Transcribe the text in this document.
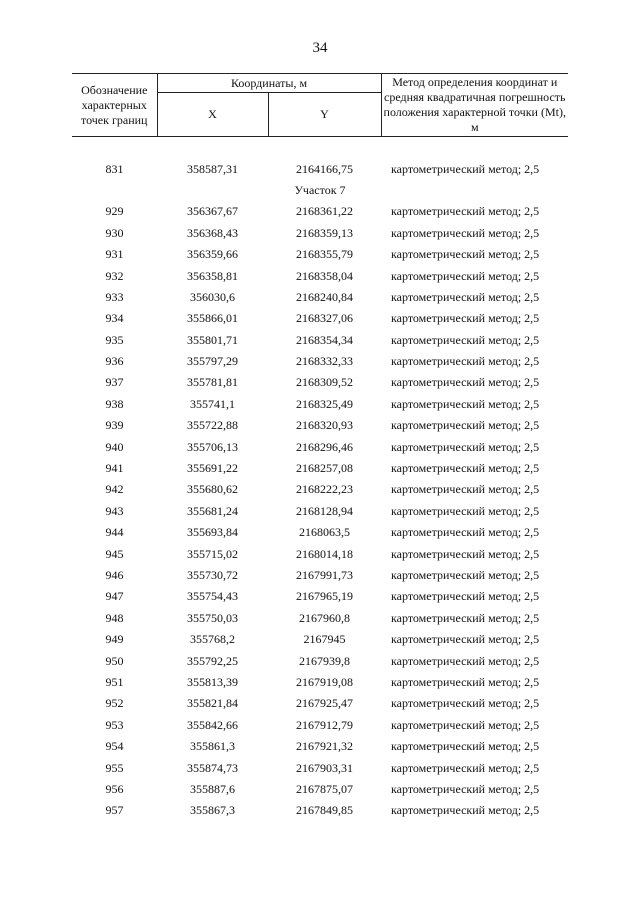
34
Обозначение характерных точек границ	Координаты, м		Метод определения координат и средняя квадратичная погрешность положения характерной точки (Mt), м
	X	Y	

831	358587,31	2164166,75	картометрический метод; 2,5
Участок 7			
929	356367,67	2168361,22	картометрический метод; 2,5
930	356368,43	2168359,13	картометрический метод; 2,5
931	356359,66	2168355,79	картометрический метод; 2,5
932	356358,81	2168358,04	картометрический метод; 2,5
933	356030,6	2168240,84	картометрический метод; 2,5
934	355866,01	2168327,06	картометрический метод; 2,5
935	355801,71	2168354,34	картометрический метод; 2,5
936	355797,29	2168332,33	картометрический метод; 2,5
937	355781,81	2168309,52	картометрический метод; 2,5
938	355741,1	2168325,49	картометрический метод; 2,5
939	355722,88	2168320,93	картометрический метод; 2,5
940	355706,13	2168296,46	картометрический метод; 2,5
941	355691,22	2168257,08	картометрический метод; 2,5
942	355680,62	2168222,23	картометрический метод; 2,5
943	355681,24	2168128,94	картометрический метод; 2,5
944	355693,84	2168063,5	картометрический метод; 2,5
945	355715,02	2168014,18	картометрический метод; 2,5
946	355730,72	2167991,73	картометрический метод; 2,5
947	355754,43	2167965,19	картометрический метод; 2,5
948	355750,03	2167960,8	картометрический метод; 2,5
949	355768,2	2167945	картометрический метод; 2,5
950	355792,25	2167939,8	картометрический метод; 2,5
951	355813,39	2167919,08	картометрический метод; 2,5
952	355821,84	2167925,47	картометрический метод; 2,5
953	355842,66	2167912,79	картометрический метод; 2,5
954	355861,3	2167921,32	картометрический метод; 2,5
955	355874,73	2167903,31	картометрический метод; 2,5
956	355887,6	2167875,07	картометрический метод; 2,5
957	355867,3	2167849,85	картометрический метод; 2,5
